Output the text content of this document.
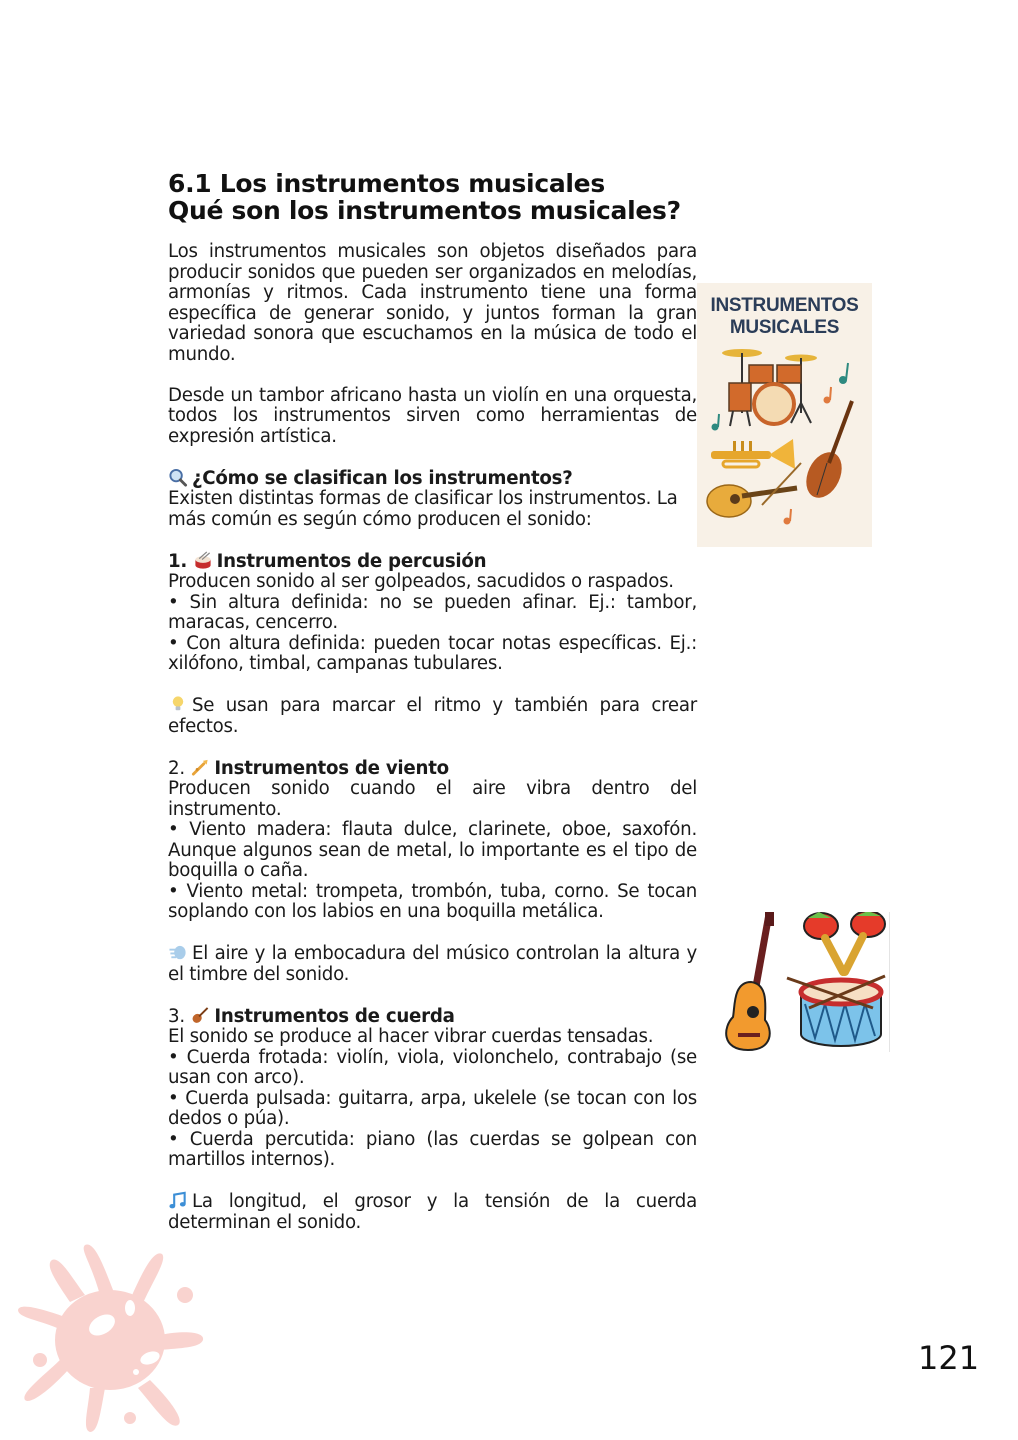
6.1 Los instrumentos musicales
Qué son los instrumentos musicales?

Los instrumentos musicales son objetos diseñados para producir sonidos que pueden ser organizados en melodías, armonías y ritmos. Cada instrumento tiene una forma específica de generar sonido, y juntos forman la gran variedad sonora que escuchamos en la música de todo el mundo.

Desde un tambor africano hasta un violín en una orquesta, todos los instrumentos sirven como herramientas de expresión artística.

¿Cómo se clasifican los instrumentos?
Existen distintas formas de clasificar los instrumentos. La más común es según cómo producen el sonido:

1. Instrumentos de percusión

Producen sonido al ser golpeados, sacudidos o raspados.

• Sin altura definida: no se pueden afinar. Ej.: tambor, maracas, cencerro.

• Con altura definida: pueden tocar notas específicas. Ej.: xilófono, timbal, campanas tubulares.

Se usan para marcar el ritmo y también para crear efectos.

2. Instrumentos de viento

Producen sonido cuando el aire vibra dentro del instrumento.

• Viento madera: flauta dulce, clarinete, oboe, saxofón. Aunque algunos sean de metal, lo importante es el tipo de boquilla o caña.

• Viento metal: trompeta, trombón, tuba, corno. Se tocan soplando con los labios en una boquilla metálica.

El aire y la embocadura del músico controlan la altura y el timbre del sonido.

3. Instrumentos de cuerda

El sonido se produce al hacer vibrar cuerdas tensadas.

• Cuerda frotada: violín, viola, violonchelo, contrabajo (se usan con arco).

• Cuerda pulsada: guitarra, arpa, ukelele (se tocan con los dedos o púa).

• Cuerda percutida: piano (las cuerdas se golpean con martillos internos).

La longitud, el grosor y la tensión de la cuerda determinan el sonido.

INSTRUMENTOS
MUSICALES
121
